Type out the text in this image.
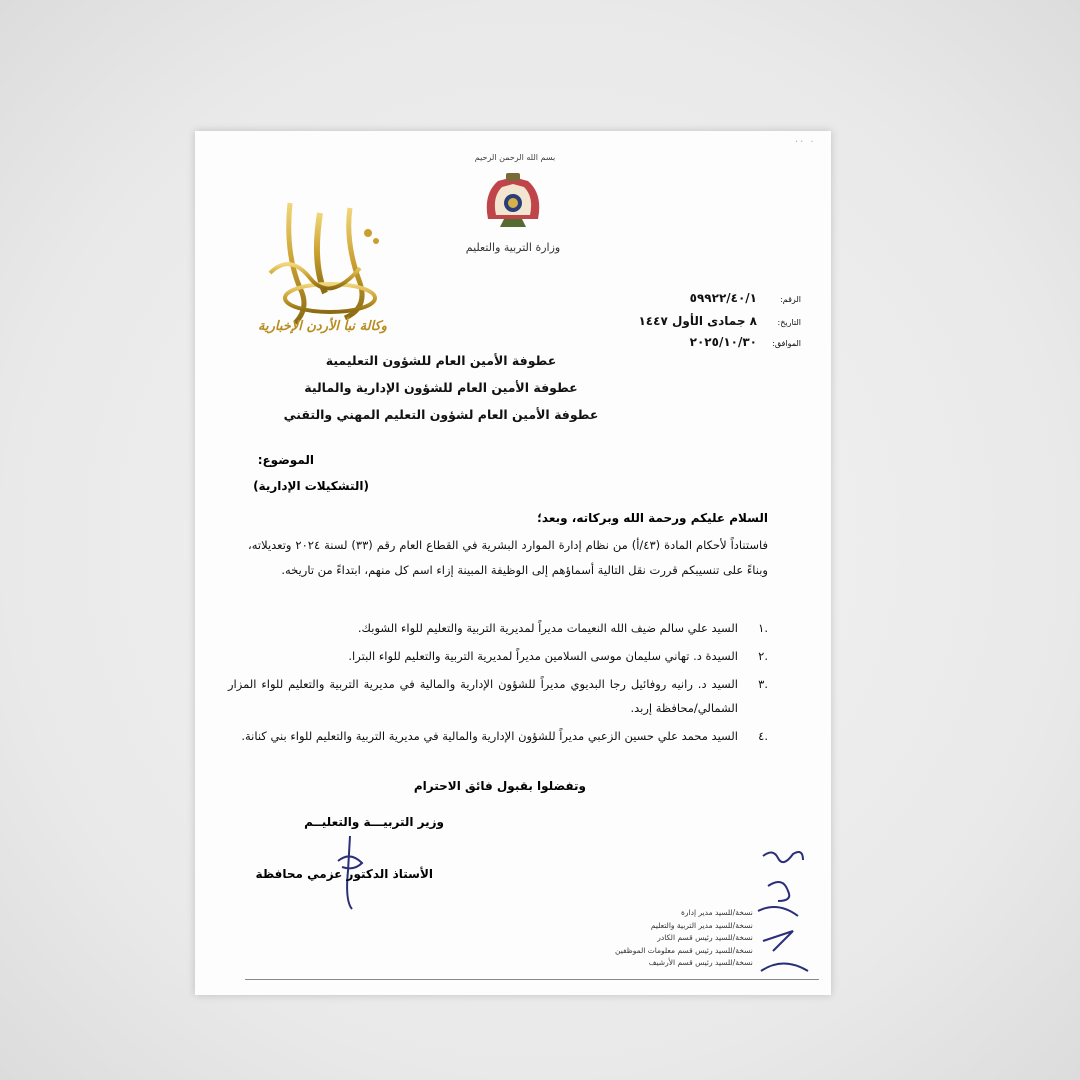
·· ·
بسم الله الرحمن الرحيم
وزارة التربية والتعليم
وكالة نبأ الأردن الإخبارية
الرقم:
٥٩٩٢٢/٤٠/١
التاريخ:
٨ جمادى الأول ١٤٤٧
الموافق:
٢٠٢٥/١٠/٣٠
عطوفة الأمين العام للشؤون التعليمية
عطوفة الأمين العام للشؤون الإدارية والمالية
عطوفة الأمين العام لشؤون التعليم المهني والتقني
الموضوع:
(التشكيلات الإدارية)
السلام عليكم ورحمة الله وبركاته، وبعد؛
فاستناداً لأحكام المادة (٤٣/أ) من نظام إدارة الموارد البشرية في القطاع العام رقم (٣٣) لسنة ٢٠٢٤ وتعديلاته، وبناءً على تنسيبكم قررت نقل التالية أسماؤهم إلى الوظيفة المبينة إزاء اسم كل منهم، ابتداءً من تاريخه.
.١
السيد علي سالم ضيف الله النعيمات مديراً لمديرية التربية والتعليم للواء الشوبك.
.٢
السيدة د. تهاني سليمان موسى السلامين مديراً لمديرية التربية والتعليم للواء البترا.
.٣
السيد د. رانيه روفائيل رجا البديوي مديراً للشؤون الإدارية والمالية في مديرية التربية والتعليم للواء المزار الشمالي/محافظة إربد.
.٤
السيد محمد علي حسين الزعبي مديراً للشؤون الإدارية والمالية في مديرية التربية والتعليم للواء بني كنانة.
وتفضلوا بقبول فائق الاحترام
وزير التربيـــة والتعليــم
الأستاذ الدكتور عزمي محافظة
نسخة/للسيد مدير إدارة
نسخة/للسيد مدير التربية والتعليم
نسخة/للسيد رئيس قسم الكادر
نسخة/للسيد رئيس قسم معلومات الموظفين
نسخة/للسيد رئيس قسم الأرشيف
